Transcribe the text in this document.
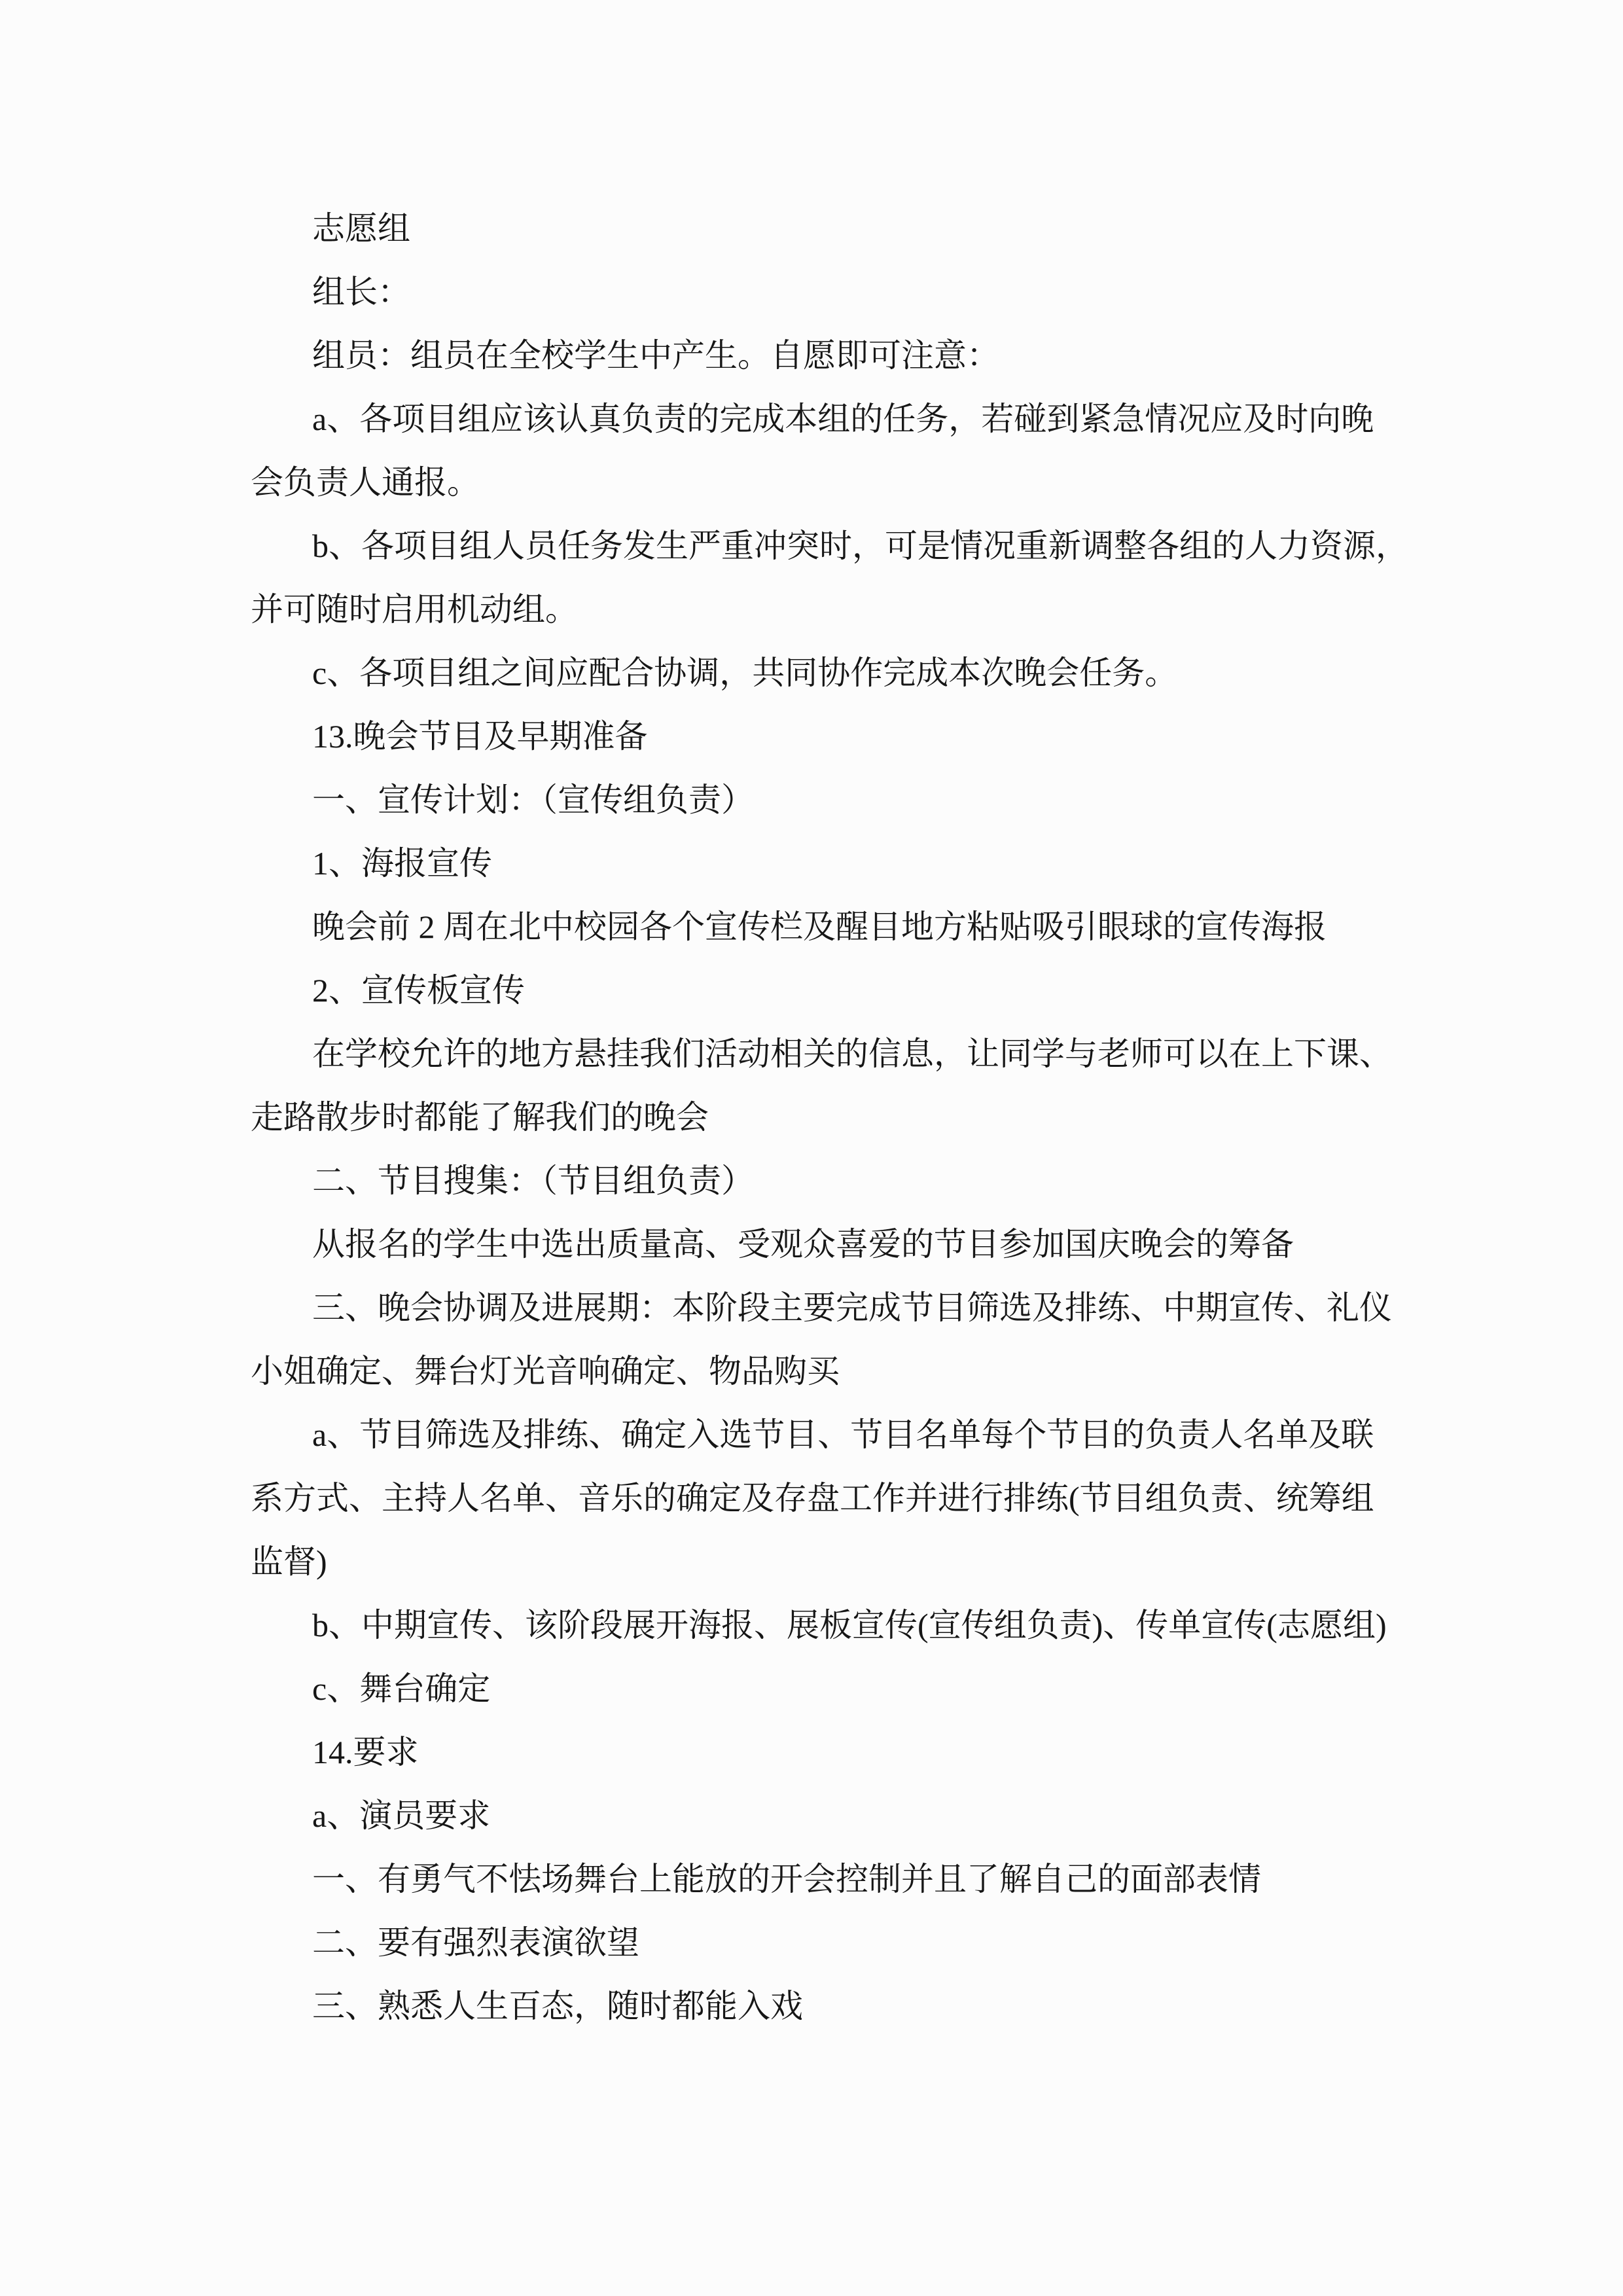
志愿组
组长：
组员：组员在全校学生中产生。自愿即可注意：
a、各项目组应该认真负责的完成本组的任务，若碰到紧急情况应及时向晚
会负责人通报。
b、各项目组人员任务发生严重冲突时，可是情况重新调整各组的人力资源，
并可随时启用机动组。
c、各项目组之间应配合协调，共同协作完成本次晚会任务。
13.晚会节目及早期准备
一、宣传计划：（宣传组负责）
1、海报宣传
晚会前 2 周在北中校园各个宣传栏及醒目地方粘贴吸引眼球的宣传海报
2、宣传板宣传
在学校允许的地方悬挂我们活动相关的信息，让同学与老师可以在上下课、
走路散步时都能了解我们的晚会
二、节目搜集：（节目组负责）
从报名的学生中选出质量高、受观众喜爱的节目参加国庆晚会的筹备
三、晚会协调及进展期：本阶段主要完成节目筛选及排练、中期宣传、礼仪
小姐确定、舞台灯光音响确定、物品购买
a、节目筛选及排练、确定入选节目、节目名单每个节目的负责人名单及联
系方式、主持人名单、音乐的确定及存盘工作并进行排练(节目组负责、统筹组
监督)
b、中期宣传、该阶段展开海报、展板宣传(宣传组负责)、传单宣传(志愿组)
c、舞台确定
14.要求
a、演员要求
一、有勇气不怯场舞台上能放的开会控制并且了解自己的面部表情
二、要有强烈表演欲望
三、熟悉人生百态，随时都能入戏
